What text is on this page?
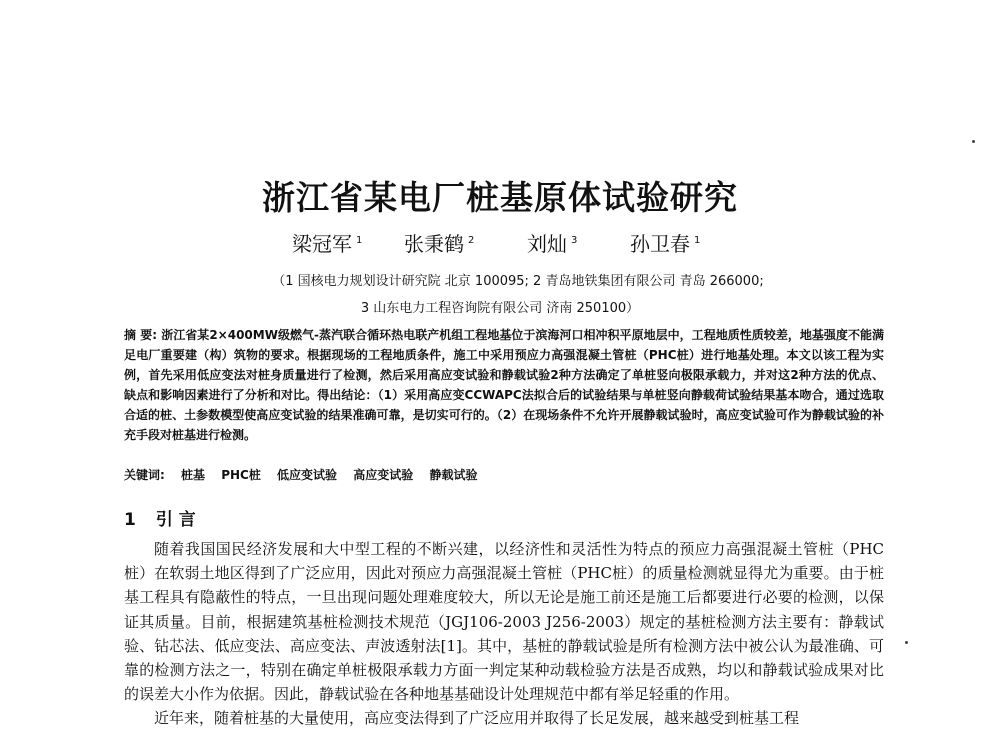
浙江省某电厂桩基原体试验研究
梁冠军 $^1$ 张秉鹤 $^2$	刘灿 $^3$	孙卫春 $^1$
（1 国核电力规划设计研究院 北京 100095; 2 青岛地铁集团有限公司 青岛 266000;
3 山东电力工程咨询院有限公司 济南 250100）
摘 要: 浙江省某2×400MW级燃气-蒸汽联合循环热电联产机组工程地基位于滨海河口相冲积平原地层中，工程地质性质较差，地基强度不能满足电厂重要建（构）筑物的要求。根据现场的工程地质条件，施工中采用预应力高强混凝土管桩（PHC桩）进行地基处理。本文以该工程为实例，首先采用低应变法对桩身质量进行了检测，然后采用高应变试验和静载试验2种方法确定了单桩竖向极限承载力，并对这2种方法的优点、缺点和影响因素进行了分析和对比。得出结论：（1）采用高应变CCWAPC法拟合后的试验结果与单桩竖向静载荷试验结果基本吻合，通过选取合适的桩、土参数模型使高应变试验的结果准确可靠，是切实可行的。（2）在现场条件不允许开展静载试验时，高应变试验可作为静载试验的补充手段对桩基进行检测。
关键词: 桩基 PHC桩 低应变试验 高应变试验 静载试验
1 引 言

随着我国国民经济发展和大中型工程的不断兴建，以经济性和灵活性为特点的预应力高强混凝土管桩（PHC桩）在软弱土地区得到了广泛应用，因此对预应力高强混凝土管桩（PHC桩）的质量检测就显得尤为重要。由于桩基工程具有隐蔽性的特点，一旦出现问题处理难度较大，所以无论是施工前还是施工后都要进行必要的检测，以保证其质量。目前，根据建筑基桩检测技术规范（JGJ106-2003 J256-2003）规定的基桩检测方法主要有：静载试验、钻芯法、低应变法、高应变法、声波透射法[1]。其中，基桩的静载试验是所有检测方法中被公认为最准确、可靠的检测方法之一，特别在确定单桩极限承载力方面一判定某种动载检验方法是否成熟，均以和静载试验成果对比的误差大小作为依据。因此，静载试验在各种地基基础设计处理规范中都有举足轻重的作用。

近年来，随着桩基的大量使用，高应变法得到了广泛应用并取得了长足发展，越来越受到桩基工程
